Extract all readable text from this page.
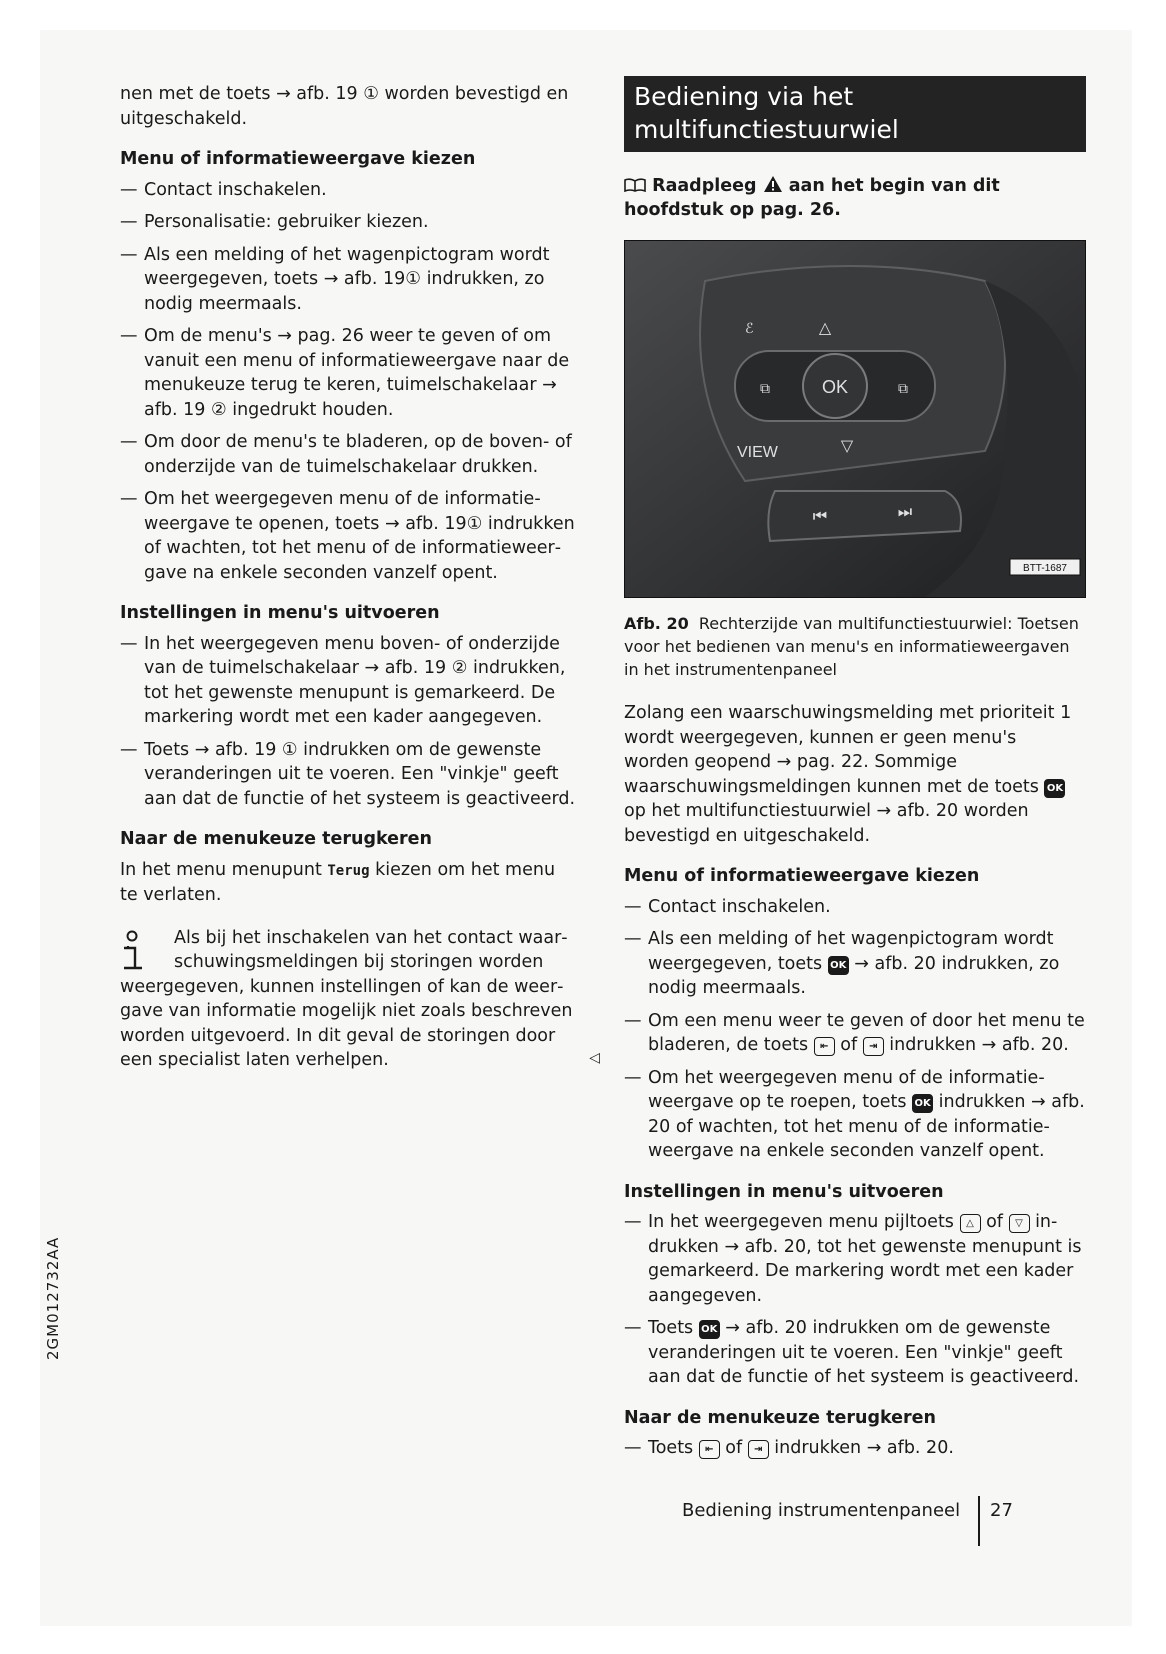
nen met de toets → afb. 19 ① worden bevestigd en uitgeschakeld.

Menu of informatieweergave kiezen
— Contact inschakelen.
— Personalisatie: gebruiker kiezen.
— Als een melding of het wagenpictogram wordt weergegeven, toets → afb. 19① indrukken, zo nodig meermaals.
— Om de menu's → pag. 26 weer te geven of om vanuit een menu of informatieweergave naar de menukeuze terug te keren, tuimelschakelaar → afb. 19 ② ingedrukt houden.
— Om door de menu's te bladeren, op de boven- of onderzijde van de tuimelschakelaar drukken.
— Om het weergegeven menu of de informatieweergave te openen, toets → afb. 19① indrukken of wachten, tot het menu of de informatieweergave na enkele seconden vanzelf opent.
Instellingen in menu's uitvoeren
— In het weergegeven menu boven- of onderzijde van de tuimelschakelaar → afb. 19 ② indrukken, tot het gewenste menupunt is gemarkeerd. De markering wordt met een kader aangegeven.
— Toets → afb. 19 ① indrukken om de gewenste veranderingen uit te voeren. Een "vinkje" geeft aan dat de functie of het systeem is geactiveerd.
Naar de menukeuze terugkeren

In het menu menupunt Terug kiezen om het menu te verlaten.

Als bij het inschakelen van het contact waarschuwingsmeldingen bij storingen worden

weergegeven, kunnen instellingen of kan de weergave van informatie mogelijk niet zoals beschreven worden uitgevoerd. In dit geval de storingen door een specialist laten verhelpen.	◁
Bediening via het multifunctiestuurwiel
Raadpleeg  aan het begin van dit hoofdstuk op pag. 26.
OK
△
▽
⧉	⧉
ℰ
VIEW
⏮	⏭
BTT-1687

Afb. 20 Rechterzijde van multifunctiestuurwiel: Toetsen voor het bedienen van menu's en informatieweergaven in het instrumentenpaneel

Zolang een waarschuwingsmelding met prioriteit 1 wordt weergegeven, kunnen er geen menu's worden geopend → pag. 22. Sommige waarschuwingsmeldingen kunnen met de toets OK op het multifunctiestuurwiel → afb. 20 worden bevestigd en uitgeschakeld.

Menu of informatieweergave kiezen
— Contact inschakelen.
— Als een melding of het wagenpictogram wordt weergegeven, toets OK → afb. 20 indrukken, zo nodig meermaals.
— Om een menu weer te geven of door het menu te bladeren, de toets ⇤ of ⇥ indrukken → afb. 20.
— Om het weergegeven menu of de informatieweergave op te roepen, toets OK indrukken → afb. 20 of wachten, tot het menu of de informatieweergave na enkele seconden vanzelf opent.
Instellingen in menu's uitvoeren
— In het weergegeven menu pijltoets △ of ▽ indrukken → afb. 20, tot het gewenste menupunt is gemarkeerd. De markering wordt met een kader aangegeven.
— Toets OK → afb. 20 indrukken om de gewenste veranderingen uit te voeren. Een "vinkje" geeft aan dat de functie of het systeem is geactiveerd.
Naar de menukeuze terugkeren
— Toets ⇤ of ⇥ indrukken → afb. 20.
2GM012732AA
Bediening instrumentenpaneel 27
